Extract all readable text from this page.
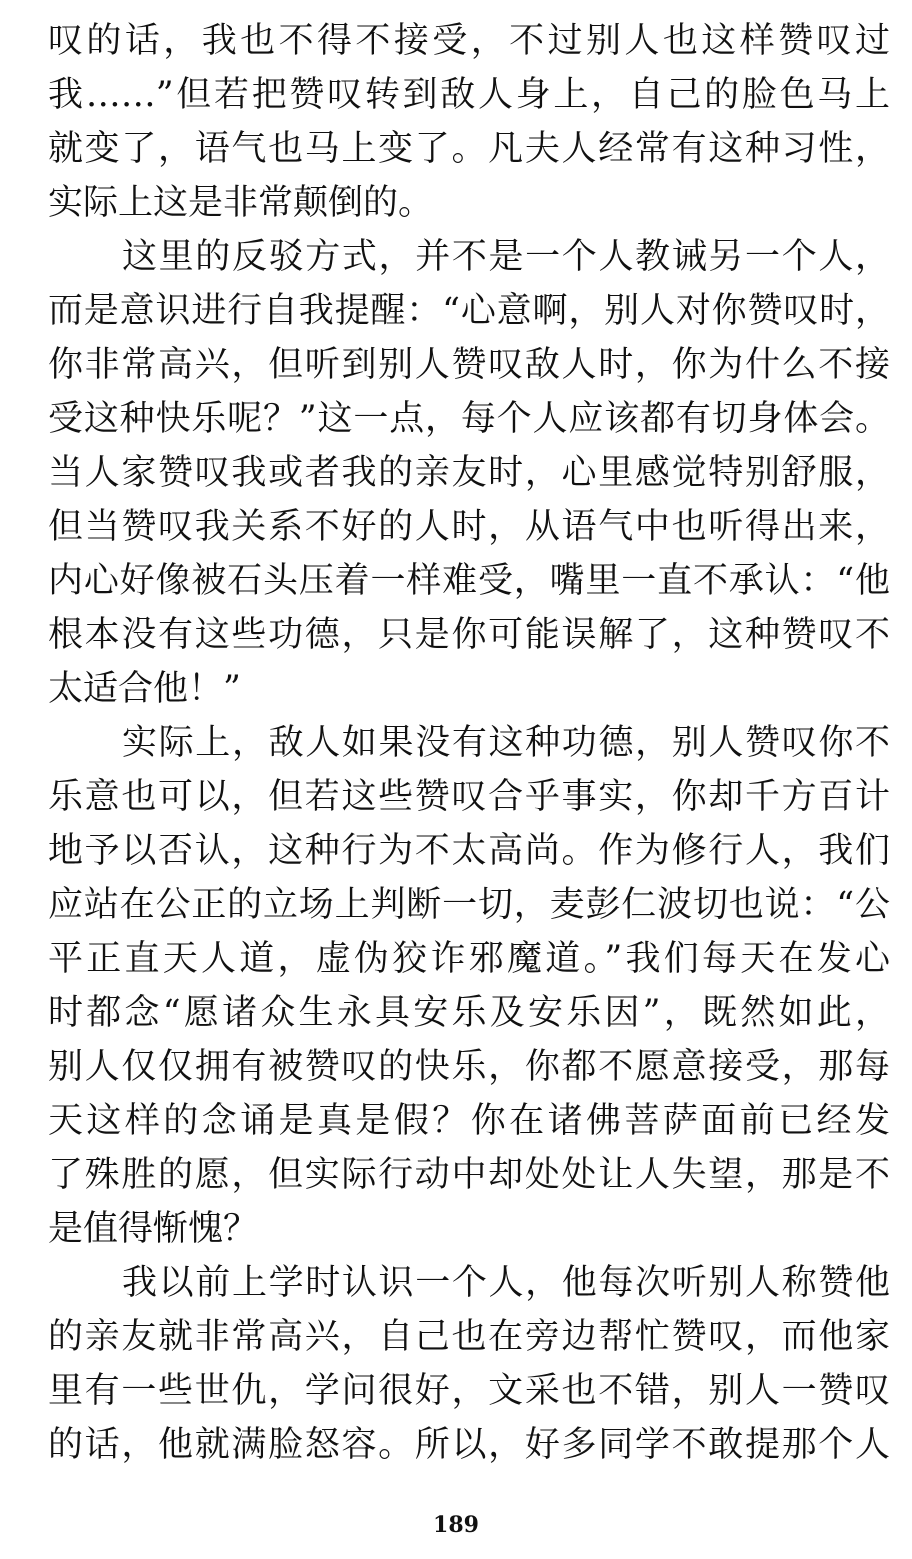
叹的话，我也不得不接受，不过别人也这样赞叹过
我……”但若把赞叹转到敌人身上，自己的脸色马上
就变了，语气也马上变了。凡夫人经常有这种习性，
实际上这是非常颠倒的。
这里的反驳方式，并不是一个人教诫另一个人，
而是意识进行自我提醒：“心意啊，别人对你赞叹时，
你非常高兴，但听到别人赞叹敌人时，你为什么不接
受这种快乐呢？”这一点，每个人应该都有切身体会。
当人家赞叹我或者我的亲友时，心里感觉特别舒服，
但当赞叹我关系不好的人时，从语气中也听得出来，
内心好像被石头压着一样难受，嘴里一直不承认：“他
根本没有这些功德，只是你可能误解了，这种赞叹不
太适合他！”
实际上，敌人如果没有这种功德，别人赞叹你不
乐意也可以，但若这些赞叹合乎事实，你却千方百计
地予以否认，这种行为不太高尚。作为修行人，我们
应站在公正的立场上判断一切，麦彭仁波切也说：“公
平正直天人道，虚伪狡诈邪魔道。”我们每天在发心
时都念“愿诸众生永具安乐及安乐因”，既然如此，
别人仅仅拥有被赞叹的快乐，你都不愿意接受，那每
天这样的念诵是真是假？你在诸佛菩萨面前已经发
了殊胜的愿，但实际行动中却处处让人失望，那是不
是值得惭愧？
我以前上学时认识一个人，他每次听别人称赞他
的亲友就非常高兴，自己也在旁边帮忙赞叹，而他家
里有一些世仇，学问很好，文采也不错，别人一赞叹
的话，他就满脸怒容。所以，好多同学不敢提那个人
189
